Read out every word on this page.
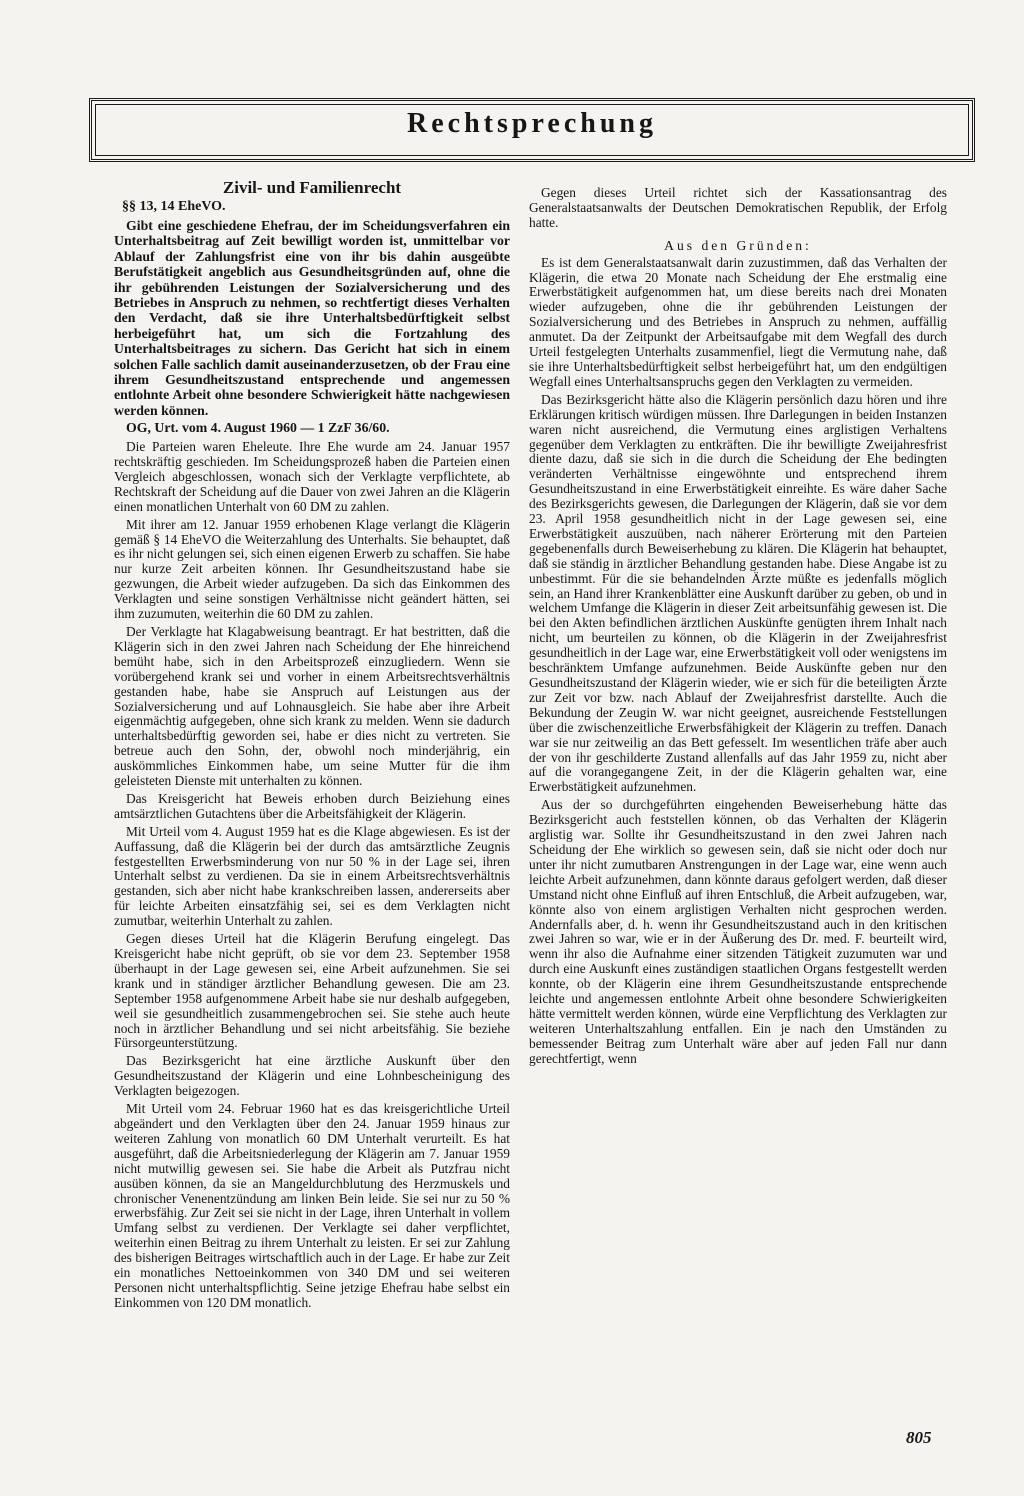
Rechtsprechung
Zivil- und Familienrecht
§§ 13, 14 EheVO.

Gibt eine geschiedene Ehefrau, der im Scheidungsverfahren ein Unterhaltsbeitrag auf Zeit bewilligt worden ist, unmittelbar vor Ablauf der Zahlungsfrist eine von ihr bis dahin ausgeübte Berufstätigkeit angeblich aus Gesundheitsgründen auf, ohne die ihr gebührenden Leistungen der Sozialversicherung und des Betriebes in Anspruch zu nehmen, so rechtfertigt dieses Verhalten den Verdacht, daß sie ihre Unterhaltsbedürftigkeit selbst herbeigeführt hat, um sich die Fortzahlung des Unterhaltsbeitrages zu sichern. Das Gericht hat sich in einem solchen Falle sachlich damit auseinanderzusetzen, ob der Frau eine ihrem Gesundheitszustand entsprechende und angemessen entlohnte Arbeit ohne besondere Schwierigkeit hätte nachgewiesen werden können.

OG, Urt. vom 4. August 1960 — 1 ZzF 36/60.

Die Parteien waren Eheleute. Ihre Ehe wurde am 24. Januar 1957 rechtskräftig geschieden. Im Scheidungsprozeß haben die Parteien einen Vergleich abgeschlossen, wonach sich der Verklagte verpflichtete, ab Rechtskraft der Scheidung auf die Dauer von zwei Jahren an die Klägerin einen monatlichen Unterhalt von 60 DM zu zahlen.

Mit ihrer am 12. Januar 1959 erhobenen Klage verlangt die Klägerin gemäß § 14 EheVO die Weiterzahlung des Unterhalts. Sie behauptet, daß es ihr nicht gelungen sei, sich einen eigenen Erwerb zu schaffen. Sie habe nur kurze Zeit arbeiten können. Ihr Gesundheitszustand habe sie gezwungen, die Arbeit wieder aufzugeben. Da sich das Einkommen des Verklagten und seine sonstigen Verhältnisse nicht geändert hätten, sei ihm zuzumuten, weiterhin die 60 DM zu zahlen.

Der Verklagte hat Klagabweisung beantragt. Er hat bestritten, daß die Klägerin sich in den zwei Jahren nach Scheidung der Ehe hinreichend bemüht habe, sich in den Arbeitsprozeß einzugliedern. Wenn sie vorübergehend krank sei und vorher in einem Arbeitsrechtsverhältnis gestanden habe, habe sie Anspruch auf Leistungen aus der Sozialversicherung und auf Lohnausgleich. Sie habe aber ihre Arbeit eigenmächtig aufgegeben, ohne sich krank zu melden. Wenn sie dadurch unterhaltsbedürftig geworden sei, habe er dies nicht zu vertreten. Sie betreue auch den Sohn, der, obwohl noch minderjährig, ein auskömmliches Einkommen habe, um seine Mutter für die ihm geleisteten Dienste mit unterhalten zu können.

Das Kreisgericht hat Beweis erhoben durch Beiziehung eines amtsärztlichen Gutachtens über die Arbeitsfähigkeit der Klägerin.

Mit Urteil vom 4. August 1959 hat es die Klage abgewiesen. Es ist der Auffassung, daß die Klägerin bei der durch das amtsärztliche Zeugnis festgestellten Erwerbsminderung von nur 50 % in der Lage sei, ihren Unterhalt selbst zu verdienen. Da sie in einem Arbeitsrechtsverhältnis gestanden, sich aber nicht habe krankschreiben lassen, andererseits aber für leichte Arbeiten einsatzfähig sei, sei es dem Verklagten nicht zumutbar, weiterhin Unterhalt zu zahlen.

Gegen dieses Urteil hat die Klägerin Berufung eingelegt. Das Kreisgericht habe nicht geprüft, ob sie vor dem 23. September 1958 überhaupt in der Lage gewesen sei, eine Arbeit aufzunehmen. Sie sei krank und in ständiger ärztlicher Behandlung gewesen. Die am 23. September 1958 aufgenommene Arbeit habe sie nur deshalb aufgegeben, weil sie gesundheitlich zusammengebrochen sei. Sie stehe auch heute noch in ärztlicher Behandlung und sei nicht arbeitsfähig. Sie beziehe Fürsorgeunterstützung.

Das Bezirksgericht hat eine ärztliche Auskunft über den Gesundheitszustand der Klägerin und eine Lohnbescheinigung des Verklagten beigezogen.

Mit Urteil vom 24. Februar 1960 hat es das kreisgerichtliche Urteil abgeändert und den Verklagten über den 24. Januar 1959 hinaus zur weiteren Zahlung von monatlich 60 DM Unterhalt verurteilt. Es hat ausgeführt, daß die Arbeitsniederlegung der Klägerin am 7. Januar 1959 nicht mutwillig gewesen sei. Sie habe die Arbeit als Putzfrau nicht ausüben können, da sie an Mangeldurchblutung des Herzmuskels und chronischer Venenentzündung am linken Bein leide. Sie sei nur zu 50 % erwerbsfähig. Zur Zeit sei sie nicht in der Lage, ihren Unterhalt in vollem Umfang selbst zu verdienen. Der Verklagte sei daher verpflichtet, weiterhin einen Beitrag zu ihrem Unterhalt zu leisten. Er sei zur Zahlung des bisherigen Beitrages wirtschaftlich auch in der Lage. Er habe zur Zeit ein monatliches Nettoeinkommen von 340 DM und sei weiteren Personen nicht unterhaltspflichtig. Seine jetzige Ehefrau habe selbst ein Einkommen von 120 DM monatlich.

Gegen dieses Urteil richtet sich der Kassationsantrag des Generalstaatsanwalts der Deutschen Demokratischen Republik, der Erfolg hatte.

Aus den Gründen:

Es ist dem Generalstaatsanwalt darin zuzustimmen, daß das Verhalten der Klägerin, die etwa 20 Monate nach Scheidung der Ehe erstmalig eine Erwerbstätigkeit aufgenommen hat, um diese bereits nach drei Monaten wieder aufzugeben, ohne die ihr gebührenden Leistungen der Sozialversicherung und des Betriebes in Anspruch zu nehmen, auffällig anmutet. Da der Zeitpunkt der Arbeitsaufgabe mit dem Wegfall des durch Urteil festgelegten Unterhalts zusammenfiel, liegt die Vermutung nahe, daß sie ihre Unterhaltsbedürftigkeit selbst herbeigeführt hat, um den endgültigen Wegfall eines Unterhaltsanspruchs gegen den Verklagten zu vermeiden.

Das Bezirksgericht hätte also die Klägerin persönlich dazu hören und ihre Erklärungen kritisch würdigen müssen. Ihre Darlegungen in beiden Instanzen waren nicht ausreichend, die Vermutung eines arglistigen Verhaltens gegenüber dem Verklagten zu entkräften. Die ihr bewilligte Zweijahresfrist diente dazu, daß sie sich in die durch die Scheidung der Ehe bedingten veränderten Verhältnisse eingewöhnte und entsprechend ihrem Gesundheitszustand in eine Erwerbstätigkeit einreihte. Es wäre daher Sache des Bezirksgerichts gewesen, die Darlegungen der Klägerin, daß sie vor dem 23. April 1958 gesundheitlich nicht in der Lage gewesen sei, eine Erwerbstätigkeit auszuüben, nach näherer Erörterung mit den Parteien gegebenenfalls durch Beweiserhebung zu klären. Die Klägerin hat behauptet, daß sie ständig in ärztlicher Behandlung gestanden habe. Diese Angabe ist zu unbestimmt. Für die sie behandelnden Ärzte müßte es jedenfalls möglich sein, an Hand ihrer Krankenblätter eine Auskunft darüber zu geben, ob und in welchem Umfange die Klägerin in dieser Zeit arbeitsunfähig gewesen ist. Die bei den Akten befindlichen ärztlichen Auskünfte genügten ihrem Inhalt nach nicht, um beurteilen zu können, ob die Klägerin in der Zweijahresfrist gesundheitlich in der Lage war, eine Erwerbstätigkeit voll oder wenigstens im beschränktem Umfange aufzunehmen. Beide Auskünfte geben nur den Gesundheitszustand der Klägerin wieder, wie er sich für die beteiligten Ärzte zur Zeit vor bzw. nach Ablauf der Zweijahresfrist darstellte. Auch die Bekundung der Zeugin W. war nicht geeignet, ausreichende Feststellungen über die zwischenzeitliche Erwerbsfähigkeit der Klägerin zu treffen. Danach war sie nur zeitweilig an das Bett gefesselt. Im wesentlichen träfe aber auch der von ihr geschilderte Zustand allenfalls auf das Jahr 1959 zu, nicht aber auf die vorangegangene Zeit, in der die Klägerin gehalten war, eine Erwerbstätigkeit aufzunehmen.

Aus der so durchgeführten eingehenden Beweiserhebung hätte das Bezirksgericht auch feststellen können, ob das Verhalten der Klägerin arglistig war. Sollte ihr Gesundheitszustand in den zwei Jahren nach Scheidung der Ehe wirklich so gewesen sein, daß sie nicht oder doch nur unter ihr nicht zumutbaren Anstrengungen in der Lage war, eine wenn auch leichte Arbeit aufzunehmen, dann könnte daraus gefolgert werden, daß dieser Umstand nicht ohne Einfluß auf ihren Entschluß, die Arbeit aufzugeben, war, könnte also von einem arglistigen Verhalten nicht gesprochen werden. Andernfalls aber, d. h. wenn ihr Gesundheitszustand auch in den kritischen zwei Jahren so war, wie er in der Äußerung des Dr. med. F. beurteilt wird, wenn ihr also die Aufnahme einer sitzenden Tätigkeit zuzumuten war und durch eine Auskunft eines zuständigen staatlichen Organs festgestellt werden konnte, ob der Klägerin eine ihrem Gesundheitszustande entsprechende leichte und angemessen entlohnte Arbeit ohne besondere Schwierigkeiten hätte vermittelt werden können, würde eine Verpflichtung des Verklagten zur weiteren Unterhaltszahlung entfallen. Ein je nach den Umständen zu bemessender Beitrag zum Unterhalt wäre aber auf jeden Fall nur dann gerechtfertigt, wenn

805
